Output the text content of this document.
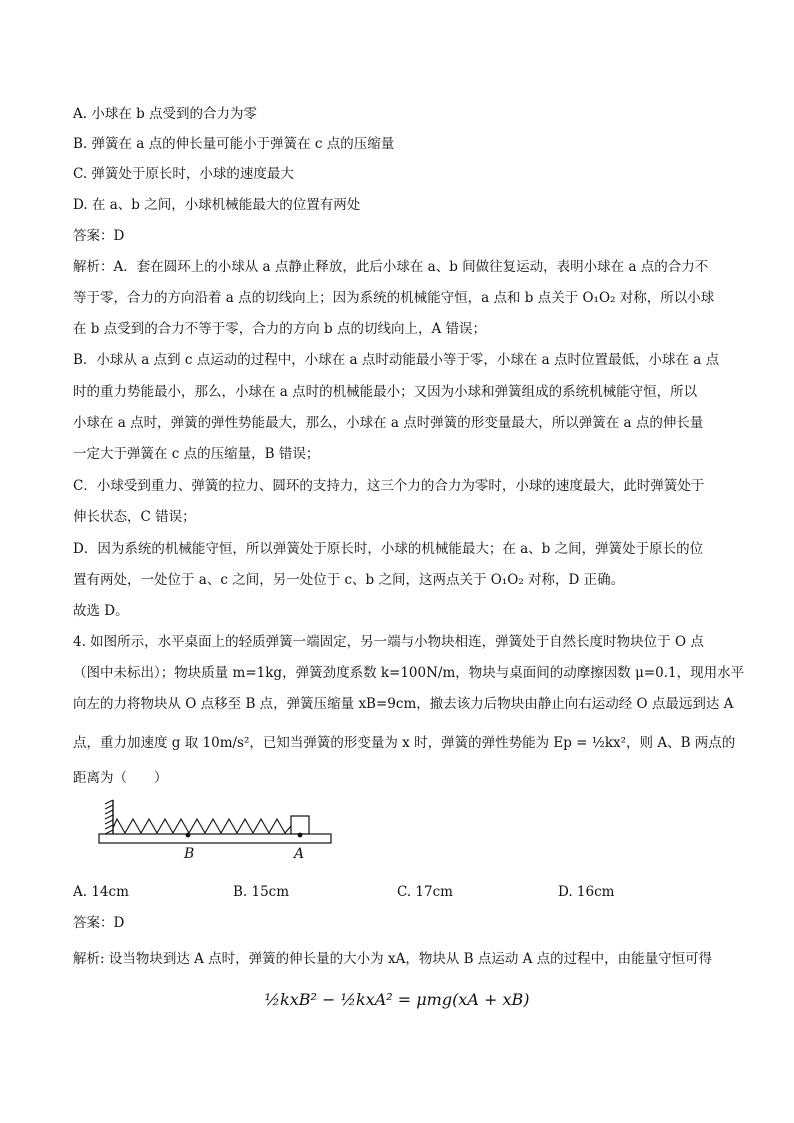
A. 小球在 b 点受到的合力为零
B. 弹簧在 a 点的伸长量可能小于弹簧在 c 点的压缩量
C. 弹簧处于原长时，小球的速度最大
D. 在 a、b 之间，小球机械能最大的位置有两处
答案：D
解析：A．套在圆环上的小球从 a 点静止释放，此后小球在 a、b 间做往复运动，表明小球在 a 点的合力不
等于零，合力的方向沿着 a 点的切线向上；因为系统的机械能守恒，a 点和 b 点关于 O₁O₂ 对称，所以小球
在 b 点受到的合力不等于零，合力的方向 b 点的切线向上，A 错误；
B．小球从 a 点到 c 点运动的过程中，小球在 a 点时动能最小等于零，小球在 a 点时位置最低，小球在 a 点
时的重力势能最小，那么，小球在 a 点时的机械能最小；又因为小球和弹簧组成的系统机械能守恒，所以
小球在 a 点时，弹簧的弹性势能最大，那么，小球在 a 点时弹簧的形变量最大，所以弹簧在 a 点的伸长量
一定大于弹簧在 c 点的压缩量，B 错误；
C．小球受到重力、弹簧的拉力、圆环的支持力，这三个力的合力为零时，小球的速度最大，此时弹簧处于
伸长状态，C 错误；
D．因为系统的机械能守恒，所以弹簧处于原长时，小球的机械能最大；在 a、b 之间，弹簧处于原长的位
置有两处，一处位于 a、c 之间，另一处位于 c、b 之间，这两点关于 O₁O₂ 对称，D 正确。
故选 D。
4. 如图所示，水平桌面上的轻质弹簧一端固定，另一端与小物块相连，弹簧处于自然长度时物块位于 O 点
（图中未标出）；物块质量 m=1kg，弹簧劲度系数 k=100N/m，物块与桌面间的动摩擦因数 μ=0.1，现用水平
向左的力将物块从 O 点移至 B 点，弹簧压缩量 xB=9cm，撤去该力后物块由静止向右运动经 O 点最远到达 A
点，重力加速度 g 取 10m/s²，已知当弹簧的形变量为 x 时，弹簧的弹性势能为 Ep = ½kx²，则 A、B 两点的
距离为（　　）
B	A
A. 14cm	B. 15cm	C. 17cm	D. 16cm
答案：D
解析: 设当物块到达 A 点时，弹簧的伸长量的大小为 xA，物块从 B 点运动 A 点的过程中，由能量守恒可得
½kxB² − ½kxA² = μmg(xA + xB)
